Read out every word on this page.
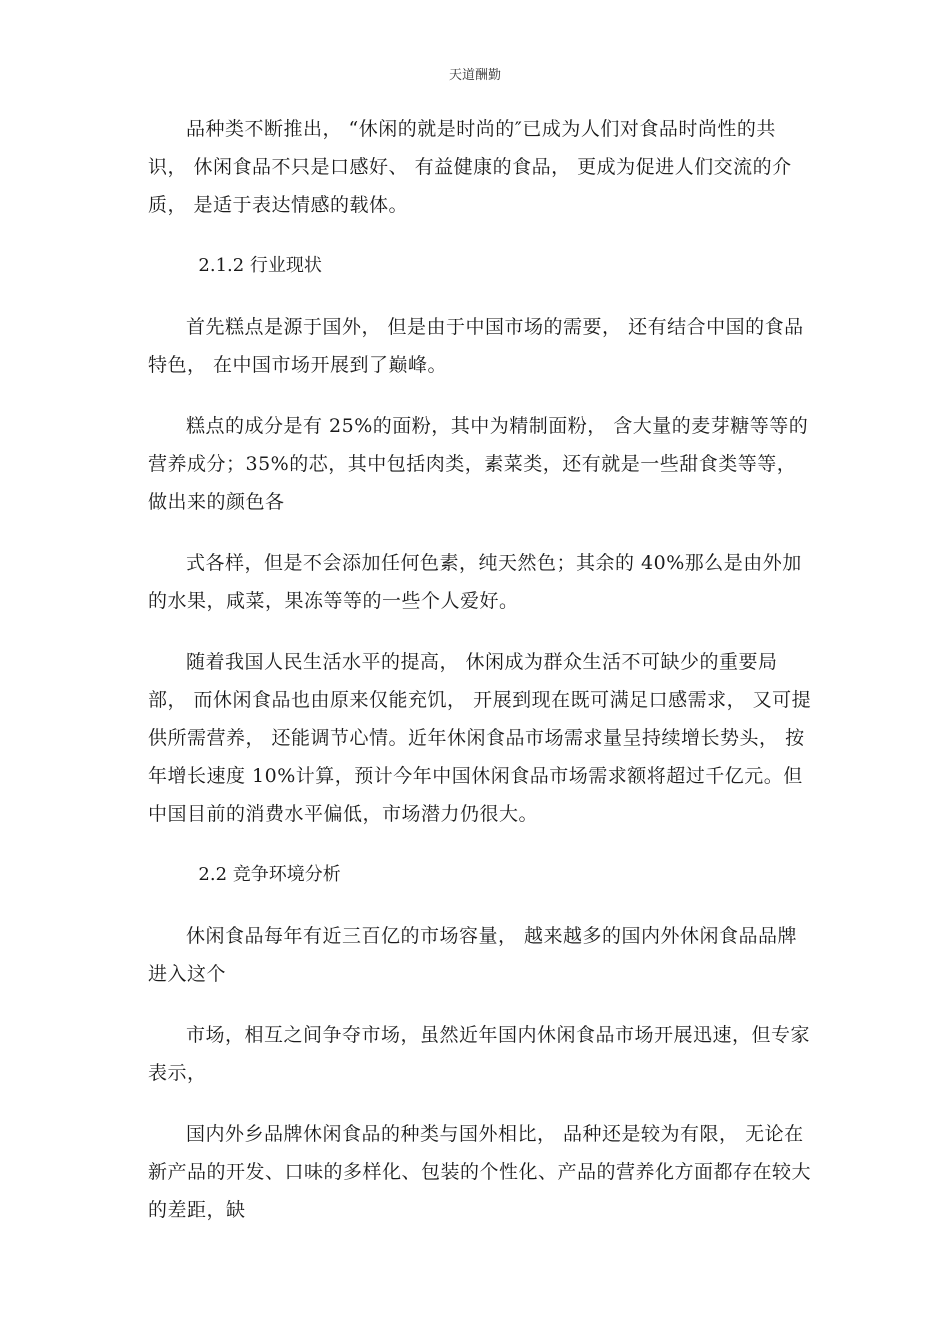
天道酬勤

品种类不断推出， “休闲的就是时尚的″已成为人们对食品时尚性的共识， 休闲食品不只是口感好、 有益健康的食品， 更成为促进人们交流的介质， 是适于表达情感的载体。

2.1.2 行业现状

首先糕点是源于国外， 但是由于中国市场的需要， 还有结合中国的食品特色， 在中国市场开展到了巅峰。

糕点的成分是有 25%的面粉，其中为精制面粉， 含大量的麦芽糖等等的营养成分；35%的芯，其中包括肉类，素菜类，还有就是一些甜食类等等，做出来的颜色各

式各样，但是不会添加任何色素，纯天然色；其余的 40%那么是由外加的水果，咸菜，果冻等等的一些个人爱好。

随着我国人民生活水平的提高， 休闲成为群众生活不可缺少的重要局部， 而休闲食品也由原来仅能充饥， 开展到现在既可满足口感需求， 又可提供所需营养， 还能调节心情。近年休闲食品市场需求量呈持续增长势头， 按年增长速度 10%计算，预计今年中国休闲食品市场需求额将超过千亿元。但中国目前的消费水平偏低，市场潜力仍很大。

2.2 竞争环境分析

休闲食品每年有近三百亿的市场容量， 越来越多的国内外休闲食品品牌进入这个

市场，相互之间争夺市场，虽然近年国内休闲食品市场开展迅速，但专家表示，

国内外乡品牌休闲食品的种类与国外相比， 品种还是较为有限， 无论在新产品的开发、口味的多样化、包装的个性化、产品的营养化方面都存在较大的差距，缺
